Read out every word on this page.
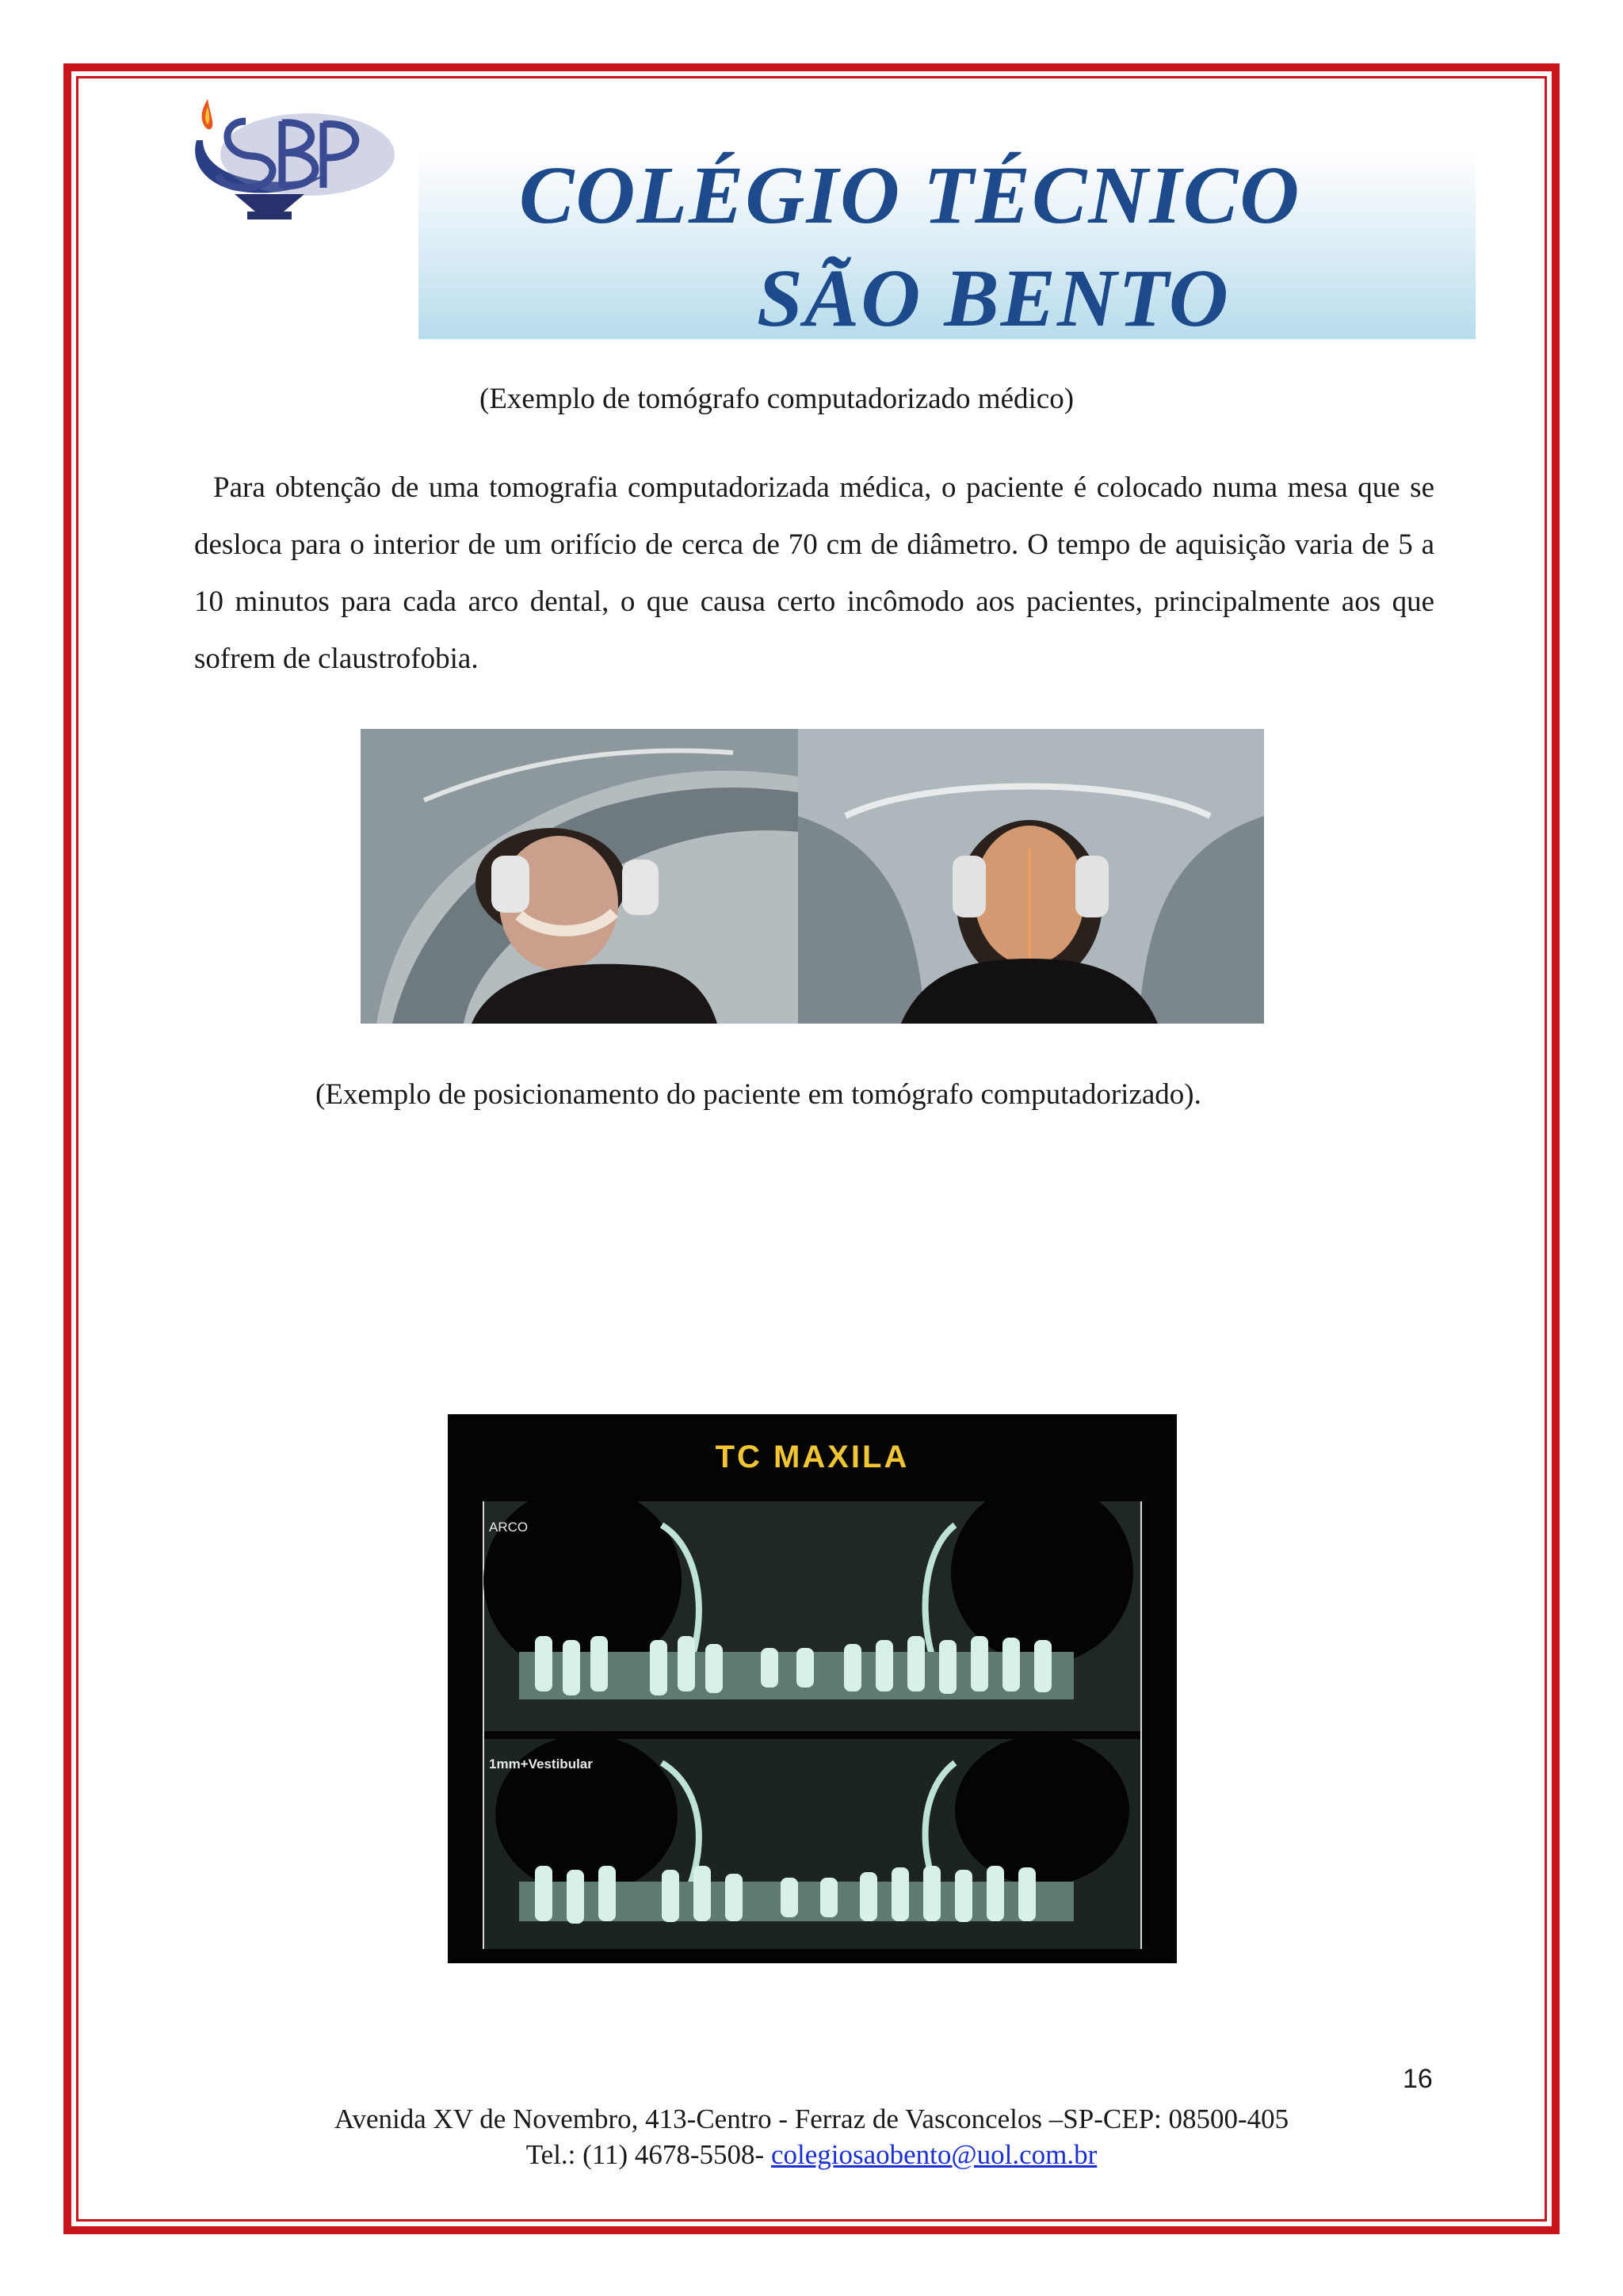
COLÉGIO TÉCNICO
SÃO BENTO

(Exemplo de tomógrafo computadorizado médico)

Para obtenção de uma tomografia computadorizada médica, o paciente é colocado numa mesa que se desloca para o interior de um orifício de cerca de 70 cm de diâmetro. O tempo de aquisição varia de 5 a 10 minutos para cada arco dental, o que causa certo incômodo aos pacientes, principalmente aos que sofrem de claustrofobia.

(Exemplo de posicionamento do paciente em tomógrafo computadorizado).

TC MAXILA

ARCO

1mm+Vestibular

16

Avenida XV de Novembro, 413-Centro - Ferraz de Vasconcelos –SP-CEP: 08500-405

Tel.: (11) 4678-5508- colegiosaobento@uol.com.br
